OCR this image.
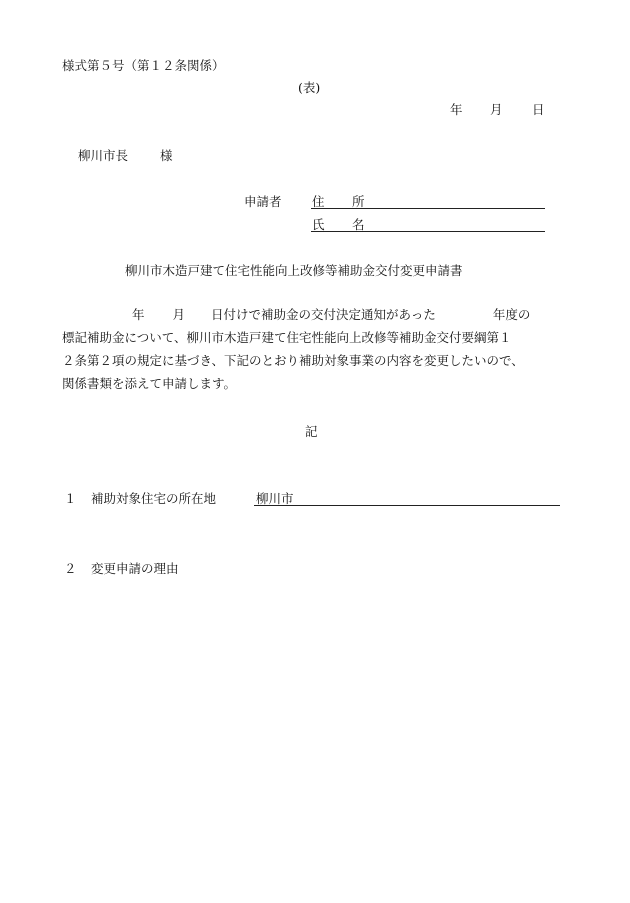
様式第５号（第１２条関係）
(表)
年 月 日
柳川市長	様
申請者 住 所
氏 名
柳川市木造戸建て住宅性能向上改修等補助金交付変更申請書
年 月 日付けで補助金の交付決定通知があった	年度の
標記補助金について、柳川市木造戸建て住宅性能向上改修等補助金交付要綱第１
２条第２項の規定に基づき、下記のとおり補助対象事業の内容を変更したいので、
関係書類を添えて申請します。
記
１ 補助対象住宅の所在地	柳川市
２ 変更申請の理由
